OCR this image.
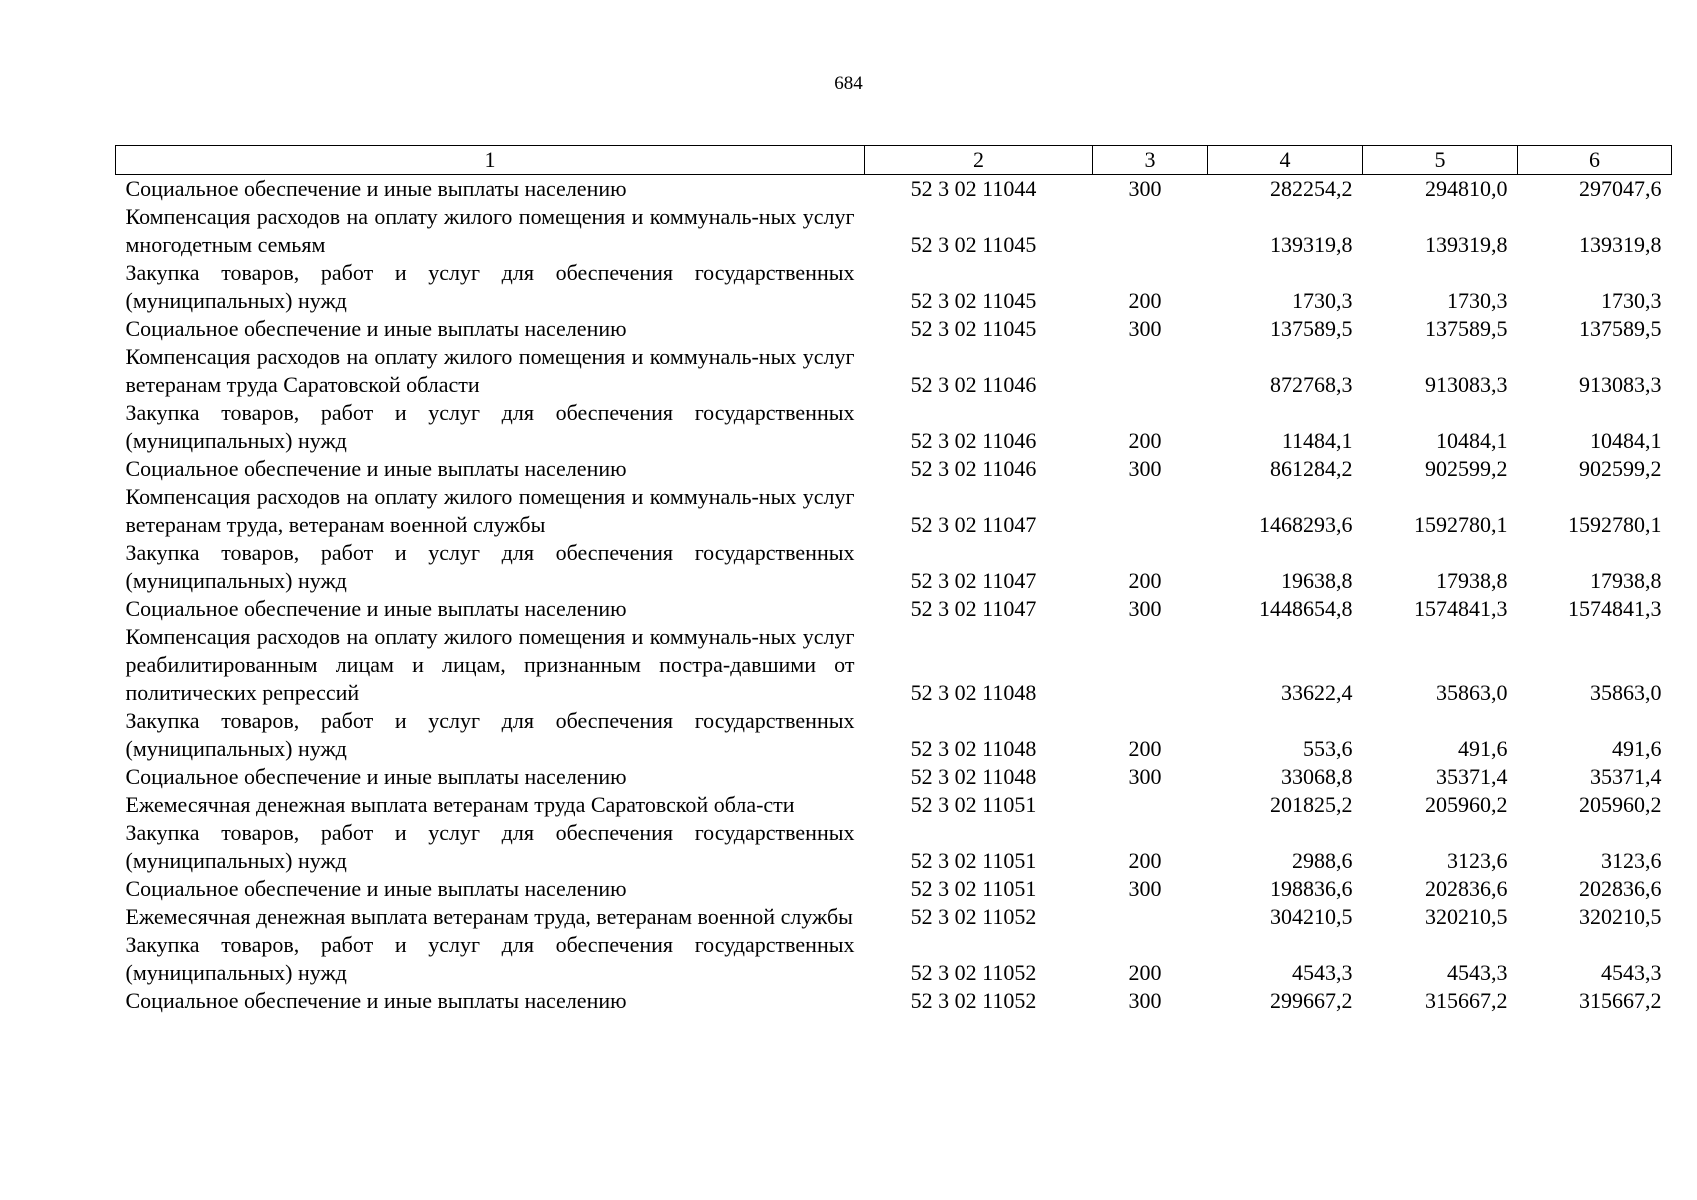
684
1	2	3	4	5	6
Социальное обеспечение и иные выплаты населению	52 3 02 11044	300	282254,2	294810,0	297047,6
Компенсация расходов на оплату жилого помещения и коммуналь-ных услуг многодетным семьям	52 3 02 11045		139319,8	139319,8	139319,8
Закупка товаров, работ и услуг для обеспечения государственных (муниципальных) нужд	52 3 02 11045	200	1730,3	1730,3	1730,3
Социальное обеспечение и иные выплаты населению	52 3 02 11045	300	137589,5	137589,5	137589,5
Компенсация расходов на оплату жилого помещения и коммуналь-ных услуг ветеранам труда Саратовской области	52 3 02 11046		872768,3	913083,3	913083,3
Закупка товаров, работ и услуг для обеспечения государственных (муниципальных) нужд	52 3 02 11046	200	11484,1	10484,1	10484,1
Социальное обеспечение и иные выплаты населению	52 3 02 11046	300	861284,2	902599,2	902599,2
Компенсация расходов на оплату жилого помещения и коммуналь-ных услуг ветеранам труда, ветеранам военной службы	52 3 02 11047		1468293,6	1592780,1	1592780,1
Закупка товаров, работ и услуг для обеспечения государственных (муниципальных) нужд	52 3 02 11047	200	19638,8	17938,8	17938,8
Социальное обеспечение и иные выплаты населению	52 3 02 11047	300	1448654,8	1574841,3	1574841,3
Компенсация расходов на оплату жилого помещения и коммуналь-ных услуг реабилитированным лицам и лицам, признанным постра-давшими от политических репрессий	52 3 02 11048		33622,4	35863,0	35863,0
Закупка товаров, работ и услуг для обеспечения государственных (муниципальных) нужд	52 3 02 11048	200	553,6	491,6	491,6
Социальное обеспечение и иные выплаты населению	52 3 02 11048	300	33068,8	35371,4	35371,4
Ежемесячная денежная выплата ветеранам труда Саратовской обла-сти	52 3 02 11051		201825,2	205960,2	205960,2
Закупка товаров, работ и услуг для обеспечения государственных (муниципальных) нужд	52 3 02 11051	200	2988,6	3123,6	3123,6
Социальное обеспечение и иные выплаты населению	52 3 02 11051	300	198836,6	202836,6	202836,6
Ежемесячная денежная выплата ветеранам труда, ветеранам военной службы	52 3 02 11052		304210,5	320210,5	320210,5
Закупка товаров, работ и услуг для обеспечения государственных (муниципальных) нужд	52 3 02 11052	200	4543,3	4543,3	4543,3
Социальное обеспечение и иные выплаты населению	52 3 02 11052	300	299667,2	315667,2	315667,2
